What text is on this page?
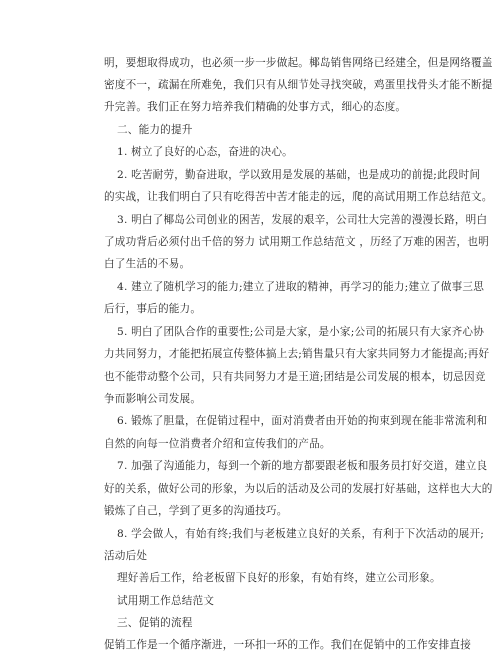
明，要想取得成功，也必须一步一步做起。椰岛销售网络已经建全，但是网络覆盖
密度不一，疏漏在所难免，我们只有从细节处寻找突破，鸡蛋里找骨头才能不断提
升完善。我们正在努力培养我们精确的处事方式，细心的态度。
二、能力的提升
1. 树立了良好的心态，奋进的决心。
2. 吃苦耐劳，勤奋进取，学以致用是发展的基础，也是成功的前提;此段时间
的实战，让我们明白了只有吃得苦中苦才能走的远，爬的高试用期工作总结范文。
3. 明白了椰岛公司创业的困苦，发展的艰辛，公司壮大完善的漫漫长路，明白
了成功背后必须付出千倍的努力 试用期工作总结范文 ，历经了万难的困苦，也明
白了生活的不易。
4. 建立了随机学习的能力;建立了进取的精神，再学习的能力;建立了做事三思
后行，事后的能力。
5. 明白了团队合作的重要性;公司是大家，是小家;公司的拓展只有大家齐心协
力共同努力，才能把拓展宣传整体搞上去;销售量只有大家共同努力才能提高;再好
也不能带动整个公司，只有共同努力才是王道;团结是公司发展的根本，切忌因竞
争而影响公司发展。
6. 锻炼了胆量，在促销过程中，面对消费者由开始的拘束到现在能非常流利和
自然的向每一位消费者介绍和宣传我们的产品。
7. 加强了沟通能力，每到一个新的地方都要跟老板和服务员打好交道，建立良
好的关系，做好公司的形象，为以后的活动及公司的发展打好基础，这样也大大的
锻炼了自己，学到了更多的沟通技巧。
8. 学会做人，有始有终;我们与老板建立良好的关系，有利于下次活动的展开;
活动后处
理好善后工作，给老板留下良好的形象，有始有终，建立公司形象。
试用期工作总结范文
三、促销的流程
促销工作是一个循序渐进，一环扣一环的工作。我们在促销中的工作安排直接
